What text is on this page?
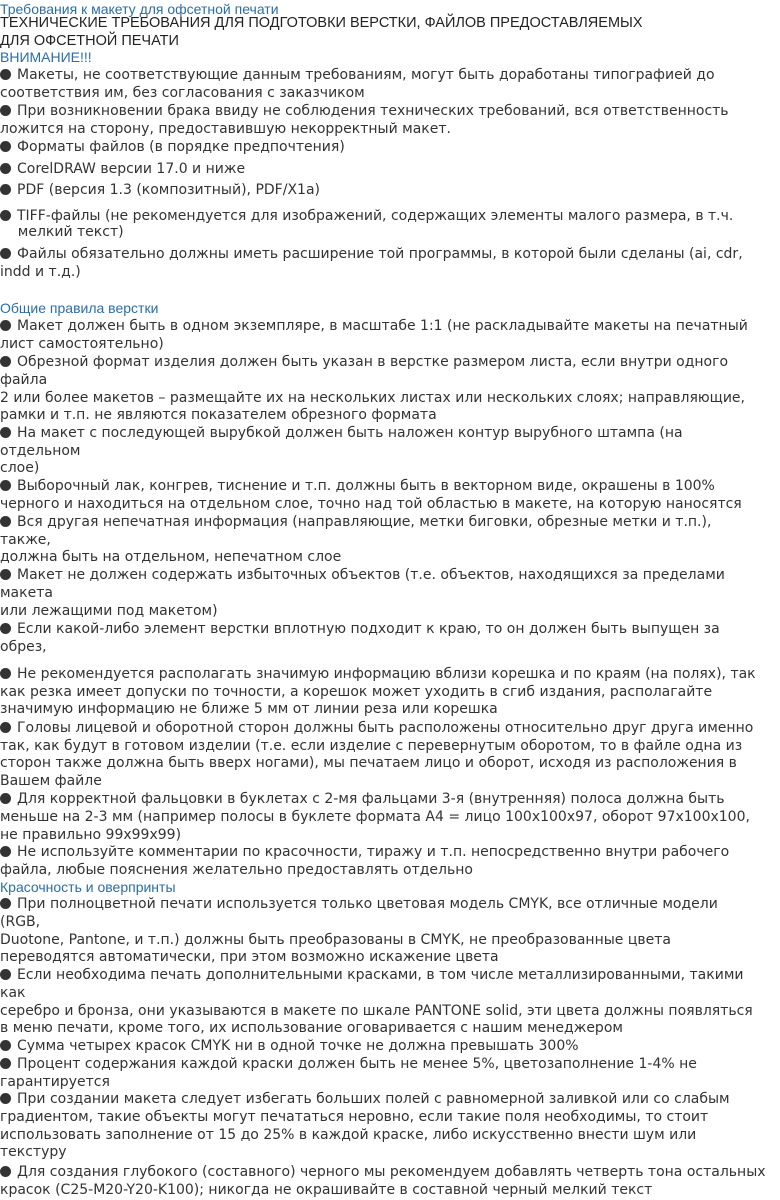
Требования к макету для офсетной печати
ТЕХНИЧЕСКИЕ ТРЕБОВАНИЯ ДЛЯ ПОДГОТОВКИ ВЕРСТКИ, ФАЙЛОВ ПРЕДОСТАВЛЯЕМЫХ
ДЛЯ ОФСЕТНОЙ ПЕЧАТИ
ВНИМАНИЕ!!!
Макеты, не соответствующие данным требованиям, могут быть доработаны типографией до
соответствия им, без согласования с заказчиком
При возникновении брака ввиду не соблюдения технических требований, вся ответственность
ложится на сторону, предоставившую некорректный макет.
Форматы файлов (в порядке предпочтения)
CorelDRAW версии 17.0 и ниже
PDF (версия 1.3 (композитный), PDF/X1a)
TIFF-файлы (не рекомендуется для изображений, содержащих элементы малого размера, в т.ч.
мелкий текст)
Файлы обязательно должны иметь расширение той программы, в которой были сделаны (ai, cdr,
indd и т.д.)
Общие правила верстки
Макет должен быть в одном экземпляре, в масштабе 1:1 (не раскладывайте макеты на печатный
лист самостоятельно)
Обрезной формат изделия должен быть указан в верстке размером листа, если внутри одного
файла
2 или более макетов – размещайте их на нескольких листах или нескольких слоях; направляющие,
рамки и т.п. не являются показателем обрезного формата
На макет с последующей вырубкой должен быть наложен контур вырубного штампа (на
отдельном
слое)
Выборочный лак, конгрев, тиснение и т.п. должны быть в векторном виде, окрашены в 100%
черного и находиться на отдельном слое, точно над той областью в макете, на которую наносятся
Вся другая непечатная информация (направляющие, метки биговки, обрезные метки и т.п.),
также,
должна быть на отдельном, непечатном слое
Макет не должен содержать избыточных объектов (т.е. объектов, находящихся за пределами
макета
или лежащими под макетом)
Если какой-либо элемент верстки вплотную подходит к краю, то он должен быть выпущен за
обрез,
Не рекомендуется располагать значимую информацию вблизи корешка и по краям (на полях), так
как резка имеет допуски по точности, а корешок может уходить в сгиб издания, располагайте
значимую информацию не ближе 5 мм от линии реза или корешка
Головы лицевой и оборотной сторон должны быть расположены относительно друг друга именно
так, как будут в готовом изделии (т.е. если изделие с перевернутым оборотом, то в файле одна из
сторон также должна быть вверх ногами), мы печатаем лицо и оборот, исходя из расположения в
Вашем файле
Для корректной фальцовки в буклетах с 2-мя фальцами 3-я (внутренняя) полоса должна быть
меньше на 2-3 мм (например полосы в буклете формата А4 = лицо 100х100х97, оборот 97х100х100,
не правильно 99х99х99)
Не используйте комментарии по красочности, тиражу и т.п. непосредственно внутри рабочего
файла, любые пояснения желательно предоставлять отдельно
Красочность и оверпринты
При полноцветной печати используется только цветовая модель CMYK, все отличные модели
(RGB,
Duotone, Pantone, и т.п.) должны быть преобразованы в CMYK, не преобразованные цвета
переводятся автоматически, при этом возможно искажение цвета
Если необходима печать дополнительными красками, в том числе металлизированными, такими
как
серебро и бронза, они указываются в макете по шкале PANTONE solid, эти цвета должны появляться
в меню печати, кроме того, их использование оговаривается с нашим менеджером
Сумма четырех красок CMYK ни в одной точке не должна превышать 300%
Процент содержания каждой краски должен быть не менее 5%, цветозаполнение 1-4% не
гарантируется
При создании макета следует избегать больших полей с равномерной заливкой или со слабым
градиентом, такие объекты могут печататься неровно, если такие поля необходимы, то стоит
использовать заполнение от 15 до 25% в каждой краске, либо искусственно внести шум или
текстуру
Для создания глубокого (составного) черного мы рекомендуем добавлять четверть тона остальных
красок (C25-M20-Y20-K100); никогда не окрашивайте в составной черный мелкий текст
